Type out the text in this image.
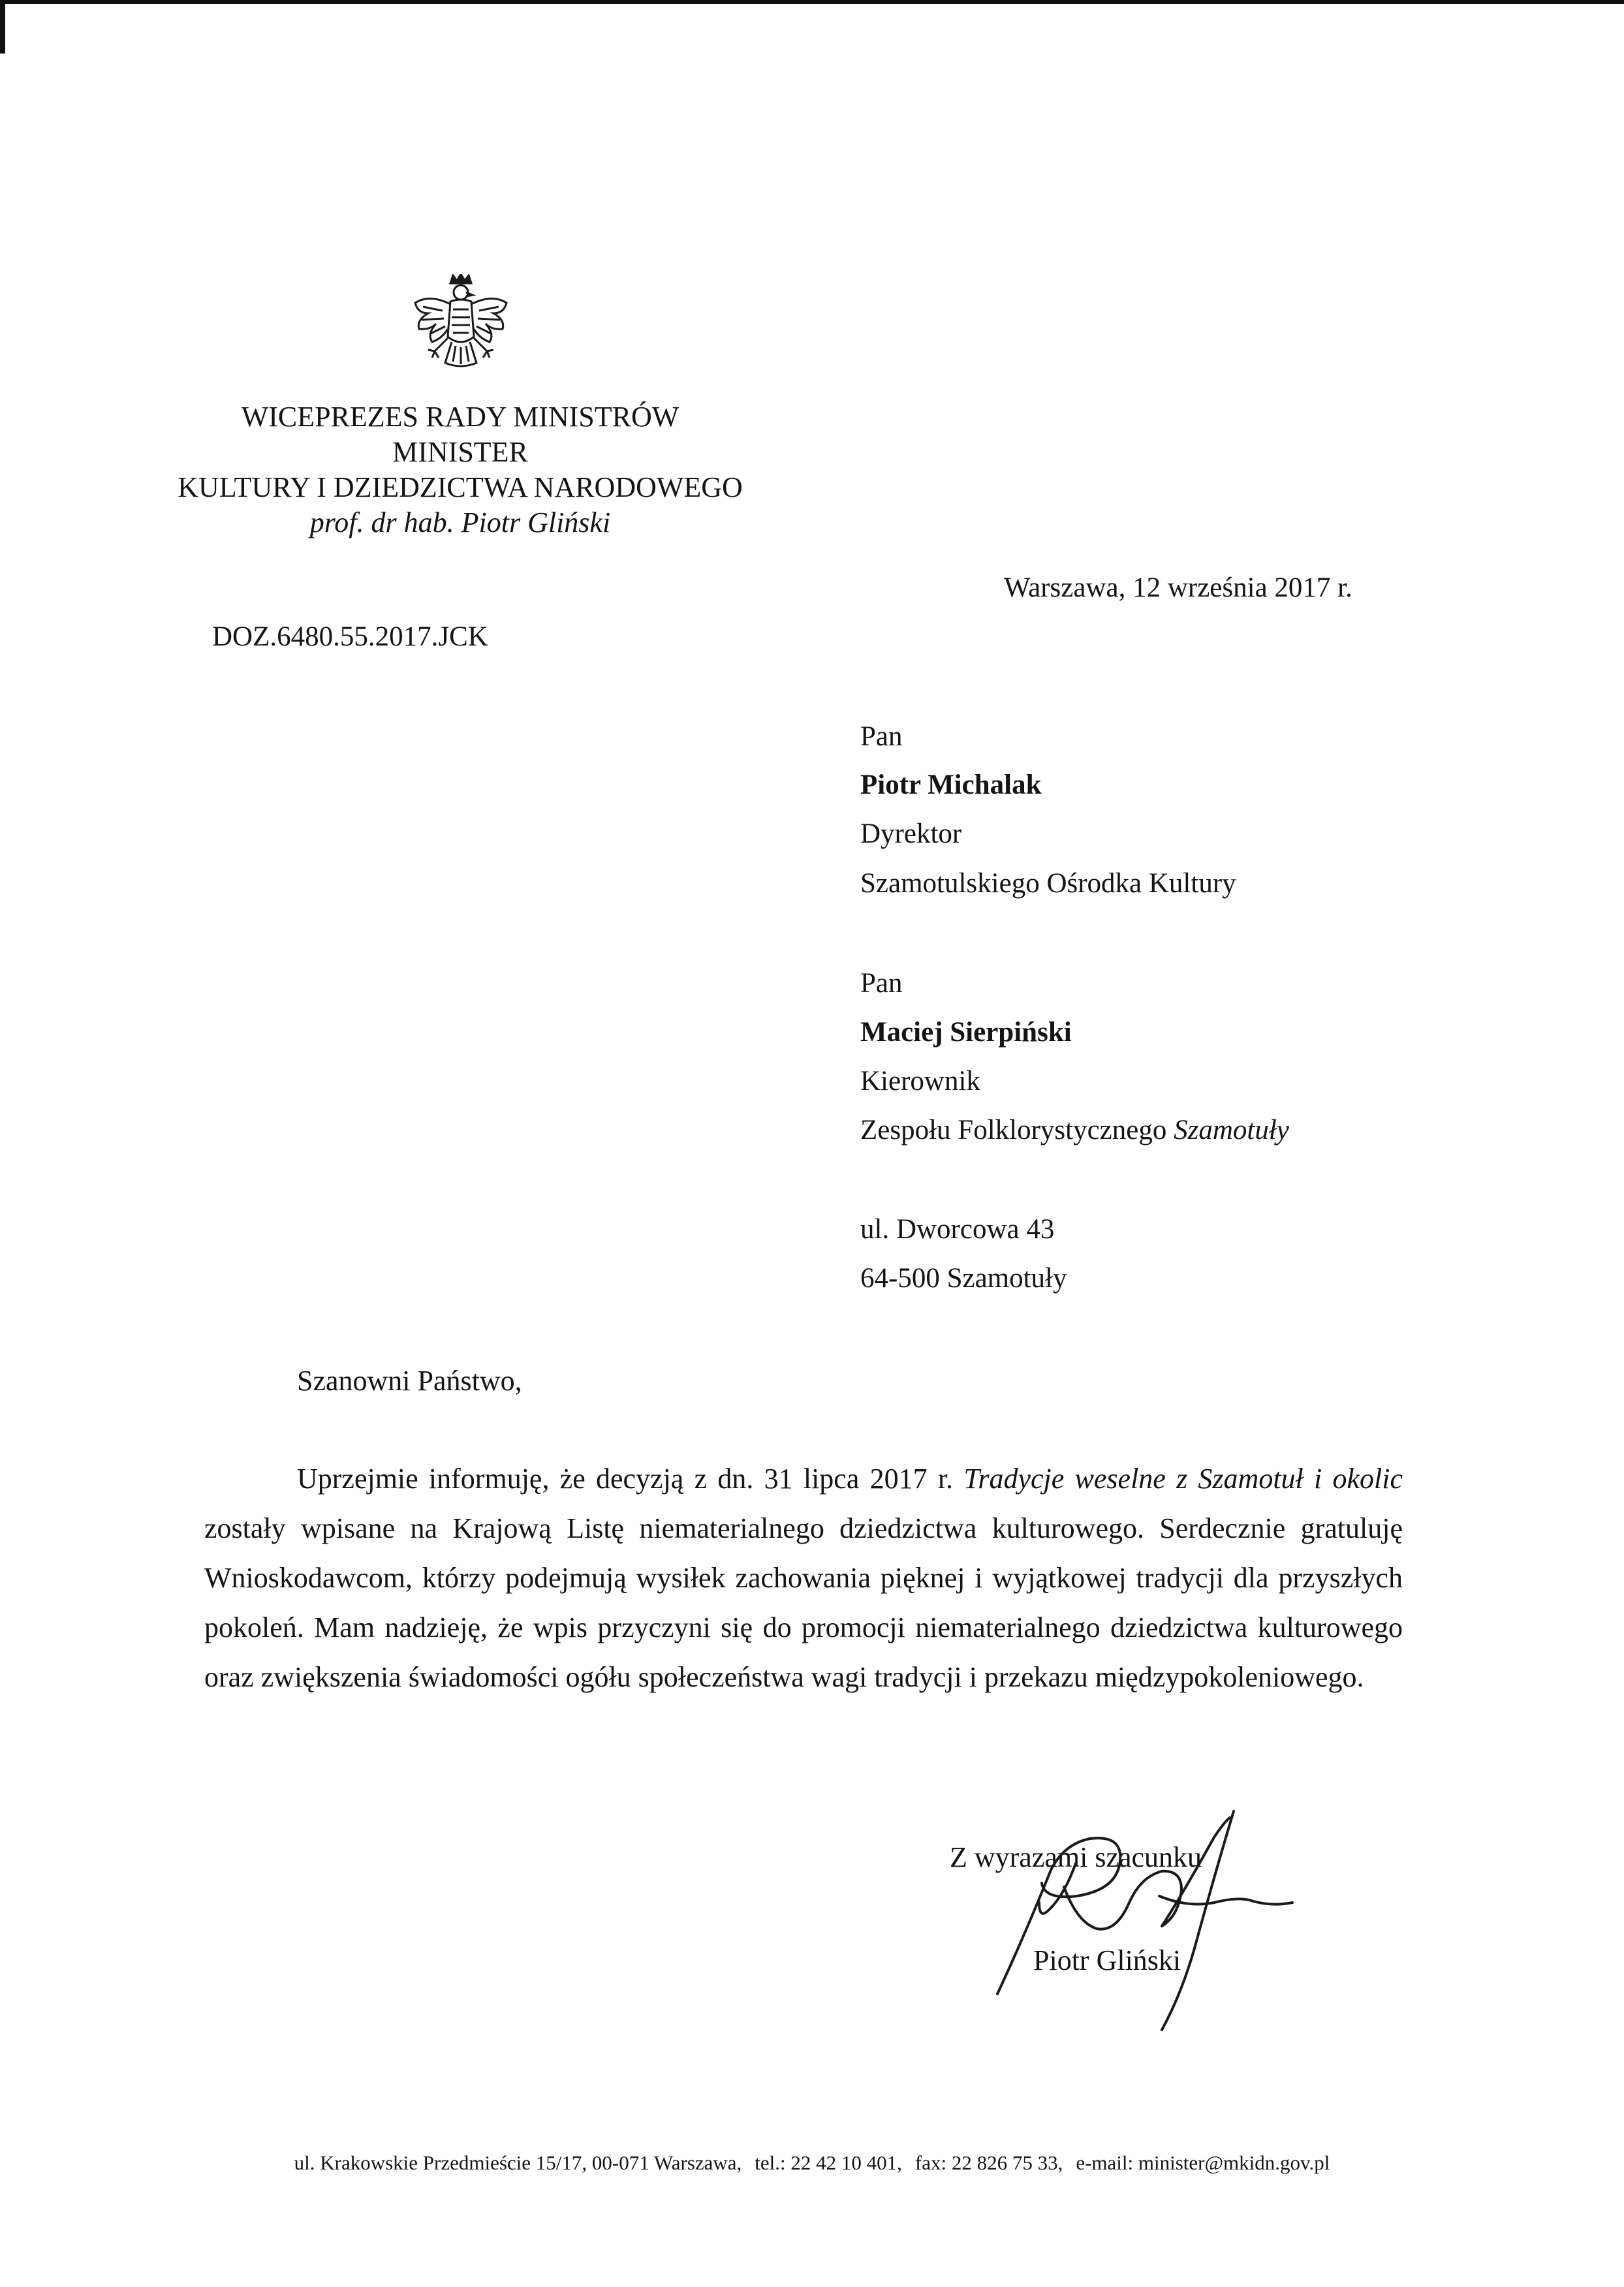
WICEPREZES RADY MINISTRÓW
MINISTER
KULTURY I DZIEDZICTWA NARODOWEGO
prof. dr hab. Piotr Gliński
Warszawa, 12 września 2017 r.
DOZ.6480.55.2017.JCK
Pan
Piotr Michalak
Dyrektor
Szamotulskiego Ośrodka Kultury
Pan
Maciej Sierpiński
Kierownik
Zespołu Folklorystycznego Szamotuły
ul. Dworcowa 43
64-500 Szamotuły
Szanowni Państwo,

Uprzejmie informuję, że decyzją z dn. 31 lipca 2017 r. Tradycje weselne z Szamotuł i okolic zostały wpisane na Krajową Listę niematerialnego dziedzictwa kulturowego. Serdecznie gratuluję Wnioskodawcom, którzy podejmują wysiłek zachowania pięknej i wyjątkowej tradycji dla przyszłych pokoleń. Mam nadzieję, że wpis przyczyni się do promocji niematerialnego dziedzictwa kulturowego oraz zwiększenia świadomości ogółu społeczeństwa wagi tradycji i przekazu międzypokoleniowego.

Z wyrazami szacunku
Piotr Gliński
ul. Krakowskie Przedmieście 15/17, 00-071 Warszawa, tel.: 22 42 10 401, fax: 22 826 75 33, e-mail: minister@mkidn.gov.pl
